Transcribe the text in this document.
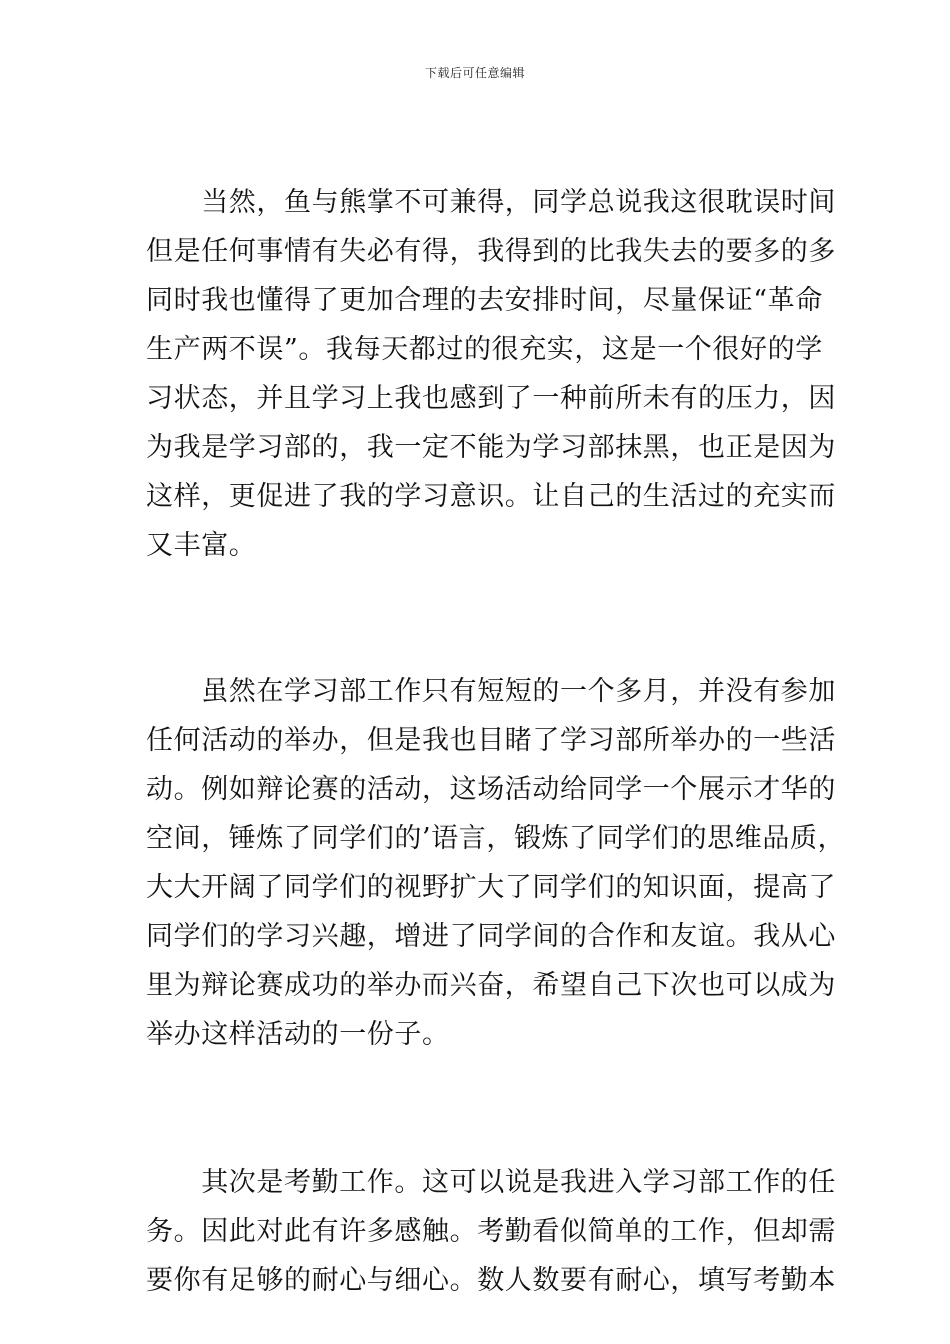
下载后可任意编辑
　　当然，鱼与熊掌不可兼得，同学总说我这很耽误时间
但是任何事情有失必有得，我得到的比我失去的要多的多
同时我也懂得了更加合理的去安排时间，尽量保证“革命
生产两不误”。我每天都过的很充实，这是一个很好的学
习状态，并且学习上我也感到了一种前所未有的压力，因
为我是学习部的，我一定不能为学习部抹黑，也正是因为
这样，更促进了我的学习意识。让自己的生活过的充实而
又丰富。
　　虽然在学习部工作只有短短的一个多月，并没有参加
任何活动的举办，但是我也目睹了学习部所举办的一些活
动。例如辩论赛的活动，这场活动给同学一个展示才华的
空间，锤炼了同学们的’语言，锻炼了同学们的思维品质，
大大开阔了同学们的视野扩大了同学们的知识面，提高了
同学们的学习兴趣，增进了同学间的合作和友谊。我从心
里为辩论赛成功的举办而兴奋，希望自己下次也可以成为
举办这样活动的一份子。
　　其次是考勤工作。这可以说是我进入学习部工作的任
务。因此对此有许多感触。考勤看似简单的工作，但却需
要你有足够的耐心与细心。数人数要有耐心，填写考勤本
